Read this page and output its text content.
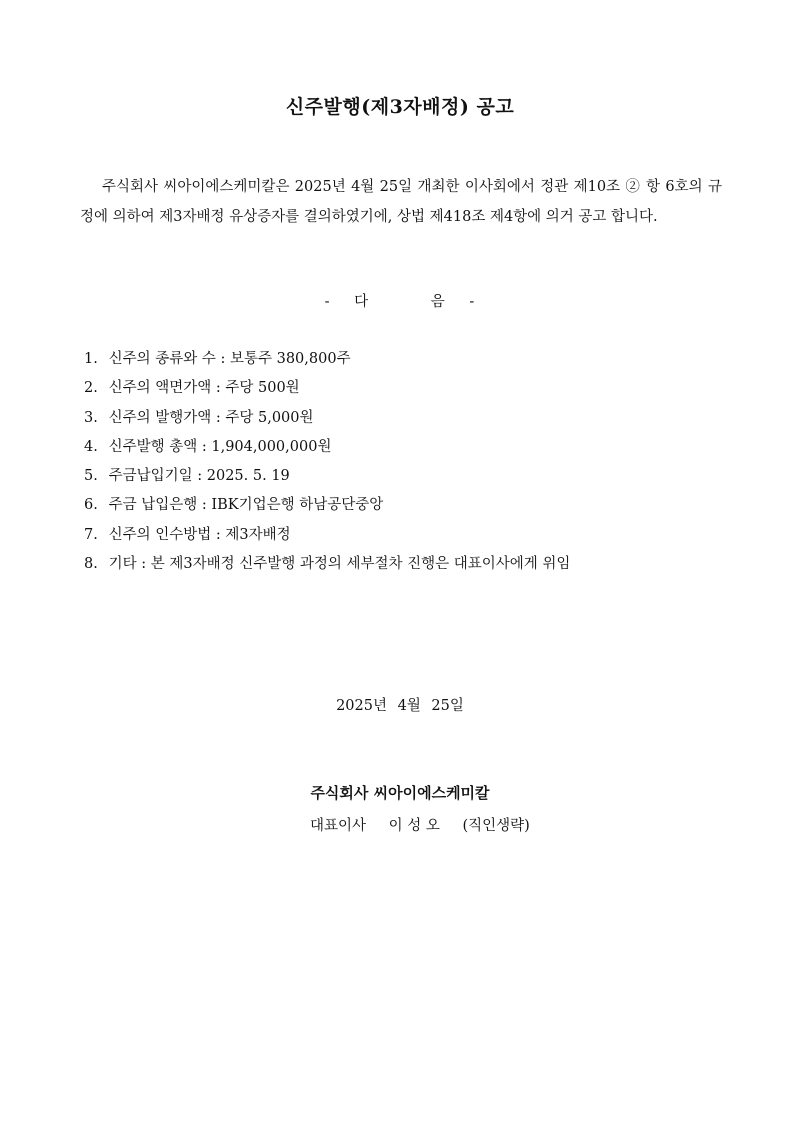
신주발행(제3자배정) 공고

주식회사 씨아이에스케미칼은 2025년 4월 25일 개최한 이사회에서 정관 제10조 ② 항 6호의 규정에 의하여 제3자배정 유상증자를 결의하였기에, 상법 제418조 제4항에 의거 공고 합니다.

- 다	음 -
1. 신주의 종류와 수 : 보통주 380,800주
2. 신주의 액면가액 : 주당 500원
3. 신주의 발행가액 : 주당 5,000원
4. 신주발행 총액 : 1,904,000,000원
5. 주금납입기일 : 2025. 5. 19
6. 주금 납입은행 : IBK기업은행 하남공단중앙
7. 신주의 인수방법 : 제3자배정
8. 기타 : 본 제3자배정 신주발행 과정의 세부절차 진행은 대표이사에게 위임
2025년 4월 25일
주식회사 씨아이에스케미칼
대표이사 이 성 오 (직인생략)
